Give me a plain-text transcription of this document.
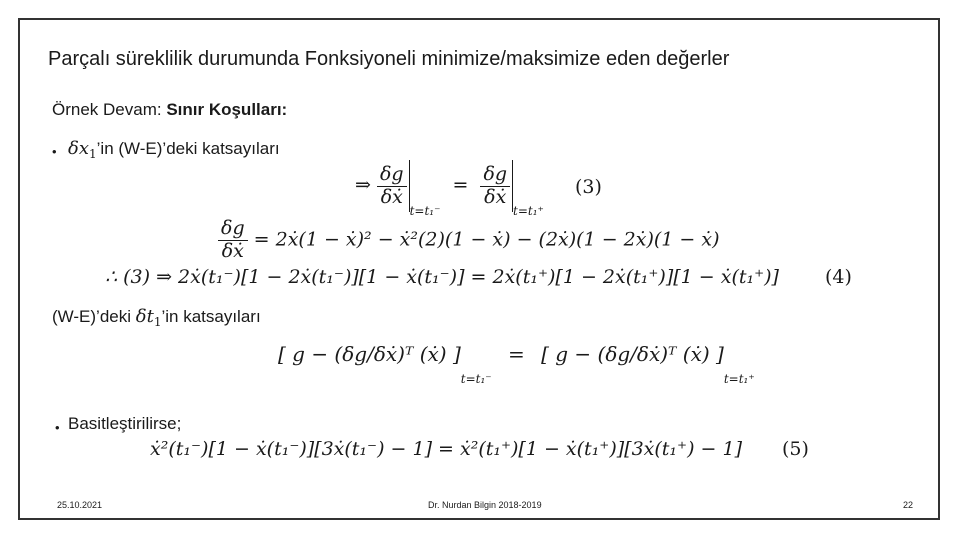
Parçalı süreklilik durumunda Fonksiyoneli minimize/maksimize eden değerler
Örnek Devam: Sınır Koşulları:
• $\delta x_1’in$ (W-E)’deki katsayıları
⇒ $\frac{\delta g}{\text{δẋ}}$
$_{t=t_1^-} = \frac{\delta g}{\text{δẋ}}$
$_{t=t_1^+}$
(3)
$\frac{\delta g}{\text{δẋ}}$ = 2ẋ(1 − ẋ)² − ẋ²(2)(1 − ẋ) − (2ẋ)(1 − 2ẋ)(1 − ẋ)
∴ (3) ⇒ 2ẋ(t₁⁻)[1 − 2ẋ(t₁⁻)][1 − ẋ(t₁⁻)] = 2ẋ(t₁⁺)[1 − 2ẋ(t₁⁺)][1 − ẋ(t₁⁺)] (4)
(W-E)’deki $\delta t_1’in$ katsayıları
[ g − (δg/δẋ)ᵀ (ẋ) ]$_{t=t_1^-}$ = [ g − (δg/δẋ)ᵀ (ẋ) ]$_{t=t_1^+}$
• Basitleştirilirse;
ẋ²(t₁⁻)[1 − ẋ(t₁⁻)][3ẋ(t₁⁻) − 1] = ẋ²(t₁⁺)[1 − ẋ(t₁⁺)][3ẋ(t₁⁺) − 1] (5)
25.10.2021	Dr. Nurdan Bilgin 2018-2019	22
